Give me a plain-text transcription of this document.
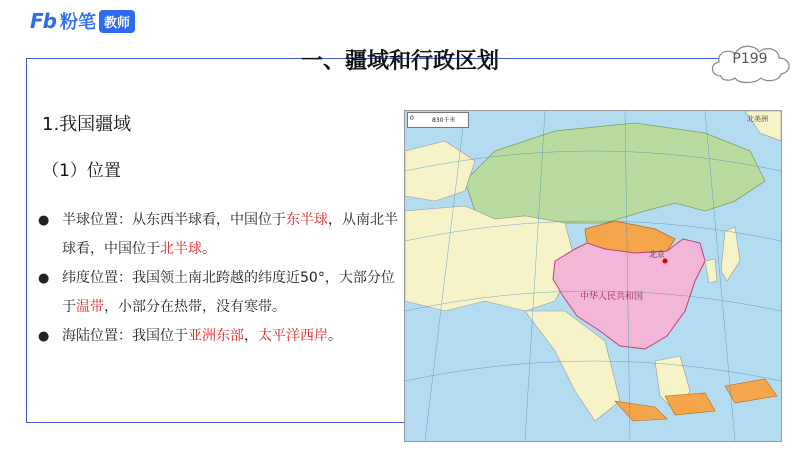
Fb 粉笔 教师
一、疆域和行政区划	P199
1.我国疆域
（1）位置
● 半球位置：从东西半球看，中国位于东半球，从南北半球看，中国位于北半球。
● 纬度位置：我国领土南北跨越的纬度近50°，大部分位于温带，小部分在热带，没有寒带。
● 海陆位置：我国位于亚洲东部，太平洋西岸。
北京
中华人民共和国
北美洲
0	830千米
